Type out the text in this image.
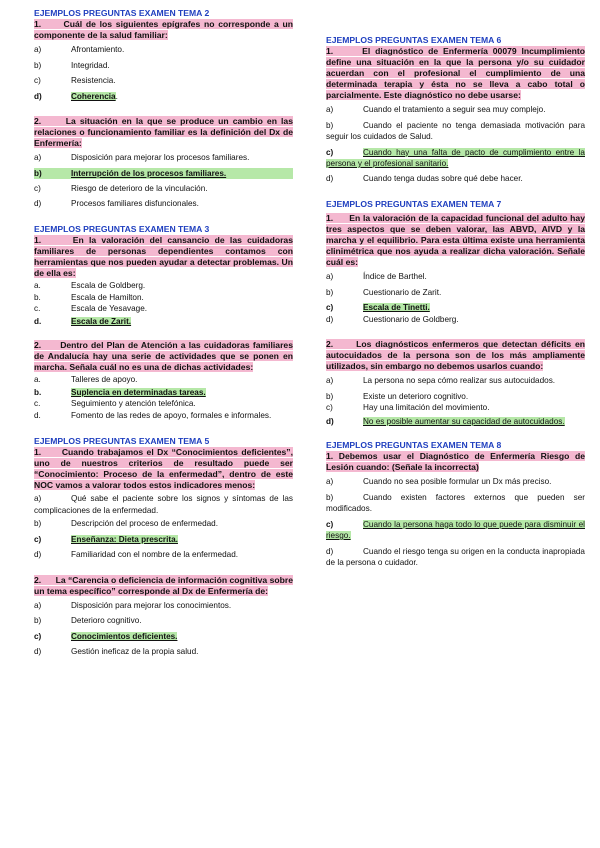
EJEMPLOS PREGUNTAS EXAMEN TEMA 2

1.      Cuál de los siguientes epígrafes no corresponde a un componente de la salud familiar:

a)	Afrontamiento.
b)	Integridad.
c)	Resistencia.
d)	Coherencia.

2.      La situación en la que se produce un cambio en las relaciones o funcionamiento familiar es la definición del Dx de Enfermería:

a)	Disposición para mejorar los procesos familiares.
b)	Interrupción de los procesos familiares.
c)	Riesgo de deterioro de la vinculación.
d)	Procesos familiares disfuncionales.

EJEMPLOS PREGUNTAS EXAMEN TEMA 3

1.      En la valoración del cansancio de las cuidadoras familiares de personas dependientes contamos con herramientas que nos pueden ayudar a detectar problemas. Un de ella es:

a.	Escala de Goldberg.
b.	Escala de Hamilton.
c.	Escala de Yesavage.
d.	Escala de Zarit.

2.      Dentro del Plan de Atención a las cuidadoras familiares de Andalucía hay una serie de actividades que se ponen en marcha. Señala cuál no es una de dichas actividades:

a.	Talleres de apoyo.
b.	Suplencia en determinadas tareas.
c.	Seguimiento y atención telefónica.
d.	Fomento de las redes de apoyo, formales e informales.

EJEMPLOS PREGUNTAS EXAMEN TEMA 5

1.      Cuando trabajamos el Dx “Conocimientos deficientes”, uno de nuestros criterios de resultado puede ser “Conocimiento: Proceso de la enfermedad”, dentro de este NOC vamos a valorar todos estos indicadores menos:

a)	Qué sabe el paciente sobre los signos y síntomas de las complicaciones de la enfermedad.
b)	Descripción del proceso de enfermedad.
c)	Enseñanza: Dieta prescrita.
d)	Familiaridad con el nombre de la enfermedad.

2.      La “Carencia o deficiencia de información cognitiva sobre un tema específico” corresponde al Dx de Enfermería de:

a)	Disposición para mejorar los conocimientos.
b)	Deterioro cognitivo.
c)	Conocimientos deficientes.
d)	Gestión ineficaz de la propia salud.

EJEMPLOS PREGUNTAS EXAMEN TEMA 6

1.      El diagnóstico de Enfermería 00079 Incumplimiento define una situación en la que la persona y/o su cuidador acuerdan con el profesional el cumplimiento de una determinada terapia y ésta no se lleva a cabo total o parcialmente. Este diagnóstico no debe usarse:

a)	Cuando el tratamiento a seguir sea muy complejo.
b)	Cuando el paciente no tenga demasiada motivación para seguir los cuidados de Salud.
c)	Cuando hay una falta de pacto de cumplimiento entre la persona y el profesional sanitario.
d)	Cuando tenga dudas sobre qué debe hacer.

EJEMPLOS PREGUNTAS EXAMEN TEMA 7

1.      En la valoración de la capacidad funcional del adulto hay tres aspectos que se deben valorar, las ABVD, AIVD y la marcha y el equilibrio. Para esta última existe una herramienta clinimétrica que nos ayuda a realizar dicha valoración. Señale cuál es:

a)	Índice de Barthel.
b)	Cuestionario de Zarit.
c)	Escala de Tinetti.
d)	Cuestionario de Goldberg.

2.      Los diagnósticos enfermeros que detectan déficits en autocuidados de la persona son de los más ampliamente utilizados, sin embargo no debemos usarlos cuando:

a)	La persona no sepa cómo realizar sus autocuidados.
b)	Existe un deterioro cognitivo.
c)	Hay una limitación del movimiento.
d)	No es posible aumentar su capacidad de autocuidados.

EJEMPLOS PREGUNTAS EXAMEN TEMA 8

1. Debemos usar el Diagnóstico de Enfermería Riesgo de Lesión cuando: (Señale la incorrecta)

a)	Cuando no sea posible formular un Dx más preciso.
b)	Cuando existen factores externos que pueden ser modificados.
c)	Cuando la persona haga todo lo que puede para disminuir el riesgo.
d)	Cuando el riesgo tenga su origen en la conducta inapropiada de la persona o cuidador.
